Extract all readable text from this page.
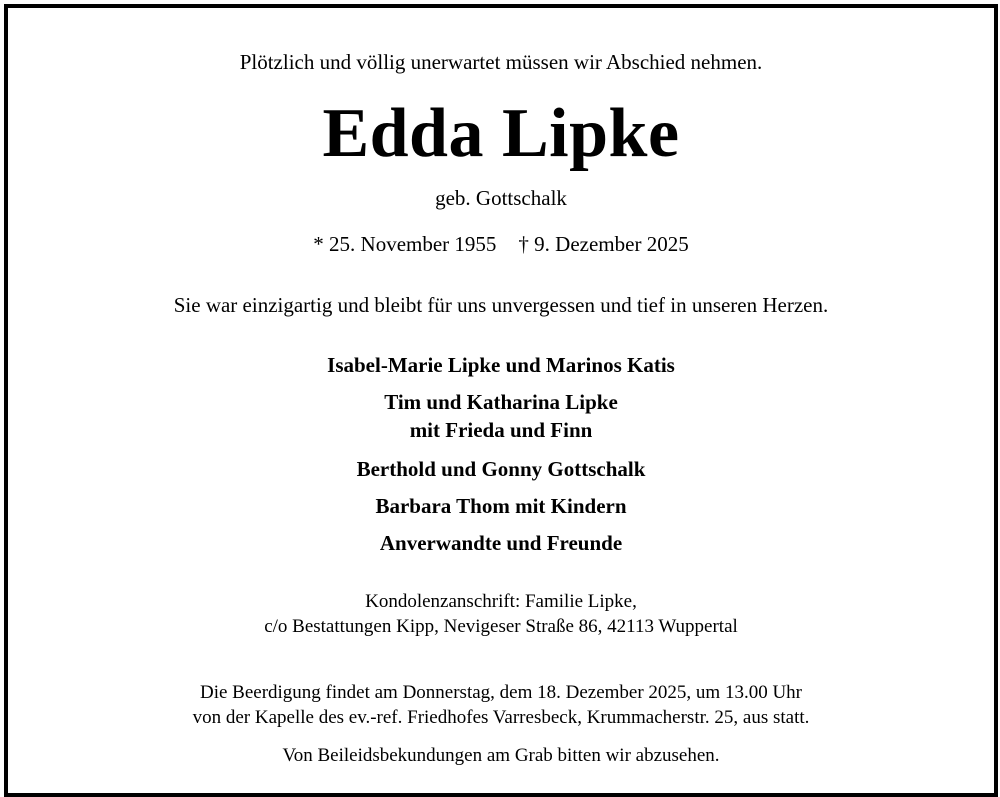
Plötzlich und völlig unerwartet müssen wir Abschied nehmen.
Edda Lipke
geb. Gottschalk
* 25. November 1955 † 9. Dezember 2025
Sie war einzigartig und bleibt für uns unvergessen und tief in unseren Herzen.
Isabel-Marie Lipke und Marinos Katis
Tim und Katharina Lipke
mit Frieda und Finn
Berthold und Gonny Gottschalk
Barbara Thom mit Kindern
Anverwandte und Freunde
Kondolenzanschrift: Familie Lipke,
c/o Bestattungen Kipp, Nevigeser Straße 86, 42113 Wuppertal
Die Beerdigung findet am Donnerstag, dem 18. Dezember 2025, um 13.00 Uhr
von der Kapelle des ev.-ref. Friedhofes Varresbeck, Krummacherstr. 25, aus statt.
Von Beileidsbekundungen am Grab bitten wir abzusehen.
